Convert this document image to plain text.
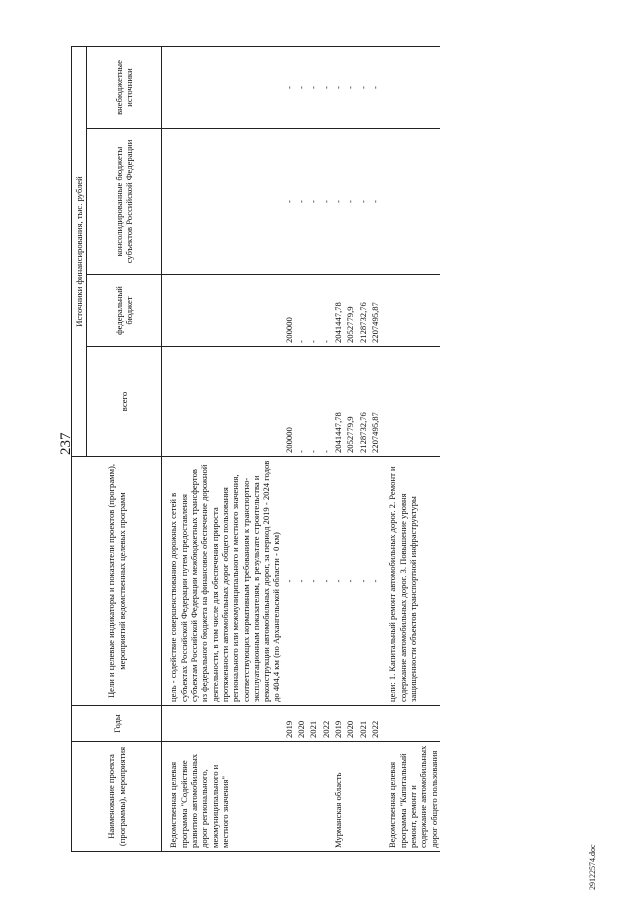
237
29122574.doc
Наименование проекта (программы), мероприятия	Годы	Цели и целевые индикаторы и показатели проектов (программ), мероприятий ведомственных целевых программ	Источники финансирования, тыс. рублей			
			всего	федеральный бюджет	консолидированные бюджеты субъектов Российской Федерации	внебюджетные источники
Ведомственная целевая программа "Содействие развитию автомобильных дорог регионального, межмуниципального и местного значения"		цель - содействие совершенствованию дорожных сетей в субъектах Российской Федерации путем предоставления субъектам Российской Федерации межбюджетных трансфертов из федерального бюджета на финансовое обеспечение дорожной деятельности, в том числе для обеспечения прироста протяженности автомобильных дорог общего пользования регионального или межмуниципального и местного значения, соответствующих нормативным требованиям к транспортно-эксплуатационным показателям, в результате строительства и реконструкции автомобильных дорог, за период 2019 - 2024 годов до 404,4 км (по Архангельской области - 0 км)				
	2019	-	200000	200000	-	-
	2020	-	-	-	-	-
	2021	-	-	-	-	-
	2022	-	-	-	-	-
Мурманская область	2019	-	2041447,78	2041447,78	-	-
	2020	-	2052779,9	2052779,9	-	-
	2021	-	2128732,76	2128732,76	-	-
	2022	-	2207495,87	2207495,87	-	-
Ведомственная целевая программа "Капитальный ремонт, ремонт и содержание автомобильных дорог общего пользования		цели: 1. Капитальный ремонт автомобильных дорог. 2. Ремонт и содержание автомобильных дорог. 3. Повышение уровня защищенности объектов транспортной инфраструктуры				
